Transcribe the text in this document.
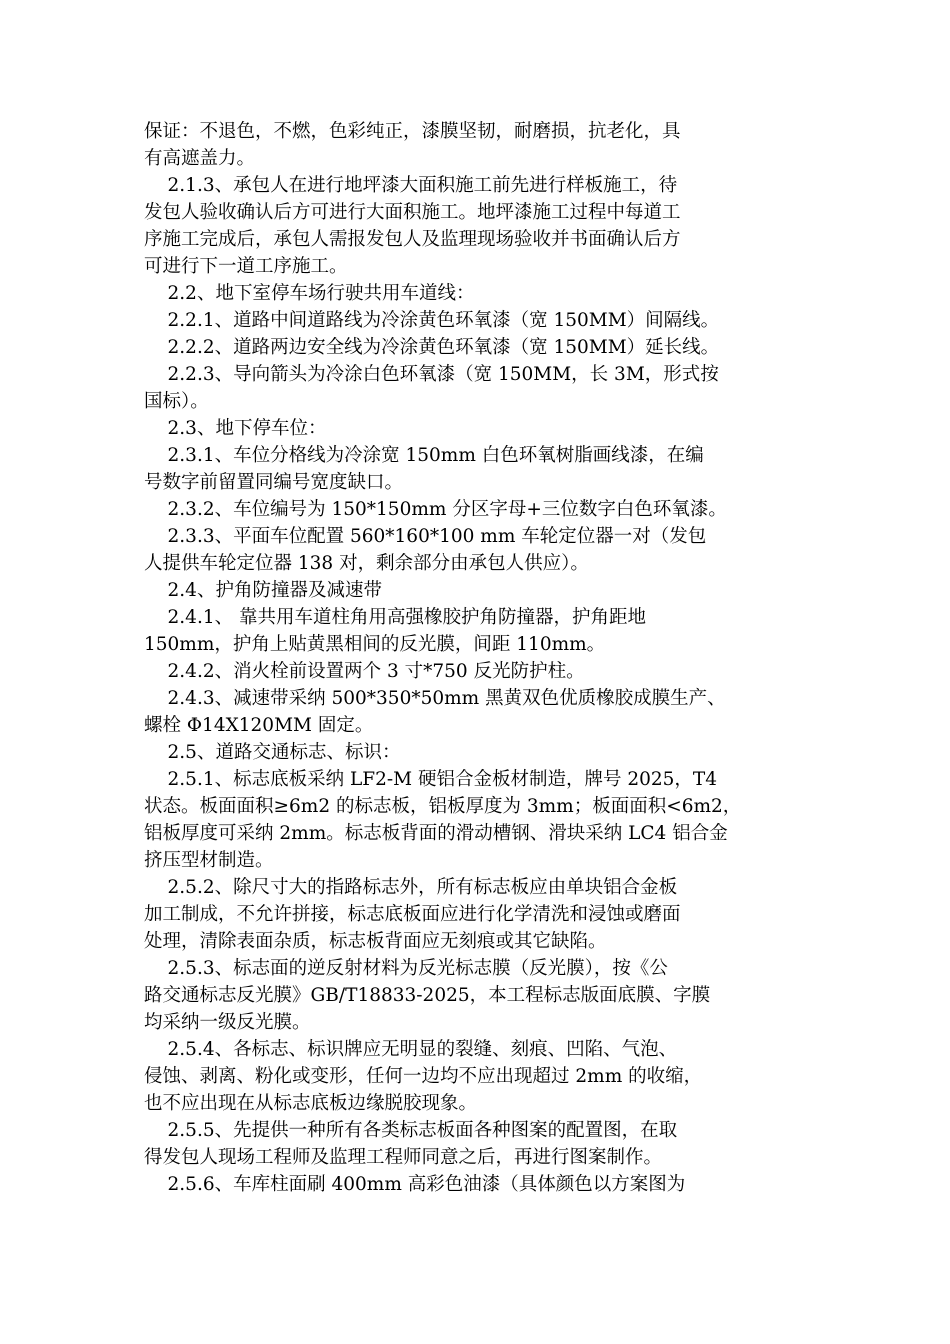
保证：不退色，不燃，色彩纯正，漆膜坚韧，耐磨损，抗老化，具
有高遮盖力。
2.1.3、承包人在进行地坪漆大面积施工前先进行样板施工，待
发包人验收确认后方可进行大面积施工。地坪漆施工过程中每道工
序施工完成后，承包人需报发包人及监理现场验收并书面确认后方
可进行下一道工序施工。
2.2、地下室停车场行驶共用车道线：
2.2.1、道路中间道路线为冷涂黄色环氧漆（宽 150MM）间隔线。
2.2.2、道路两边安全线为冷涂黄色环氧漆（宽 150MM）延长线。
2.2.3、导向箭头为冷涂白色环氧漆（宽 150MM，长 3M，形式按
国标）。
2.3、地下停车位：
2.3.1、车位分格线为冷涂宽 150mm 白色环氧树脂画线漆，在编
号数字前留置同编号宽度缺口。
2.3.2、车位编号为 150*150mm 分区字母+三位数字白色环氧漆。
2.3.3、平面车位配置 560*160*100 mm 车轮定位器一对（发包
人提供车轮定位器 138 对，剩余部分由承包人供应）。
2.4、护角防撞器及减速带
2.4.1、 靠共用车道柱角用高强橡胶护角防撞器，护角距地
150mm，护角上贴黄黑相间的反光膜，间距 110mm。
2.4.2、消火栓前设置两个 3 寸*750 反光防护柱。
2.4.3、减速带采纳 500*350*50mm 黑黄双色优质橡胶成膜生产、
螺栓 Φ14X120MM 固定。
2.5、道路交通标志、标识：
2.5.1、标志底板采纳 LF2-M 硬铝合金板材制造，牌号 2025，T4
状态。板面面积≥6m2 的标志板，铝板厚度为 3mm；板面面积<6m2，
铝板厚度可采纳 2mm。标志板背面的滑动槽钢、滑块采纳 LC4 铝合金
挤压型材制造。
2.5.2、除尺寸大的指路标志外，所有标志板应由单块铝合金板
加工制成，不允许拼接，标志底板面应进行化学清洗和浸蚀或磨面
处理，清除表面杂质，标志板背面应无刻痕或其它缺陷。
2.5.3、标志面的逆反射材料为反光标志膜（反光膜），按《公
路交通标志反光膜》GB/T18833-2025，本工程标志版面底膜、字膜
均采纳一级反光膜。
2.5.4、各标志、标识牌应无明显的裂缝、刻痕、凹陷、气泡、
侵蚀、剥离、粉化或变形，任何一边均不应出现超过 2mm 的收缩，
也不应出现在从标志底板边缘脱胶现象。
2.5.5、先提供一种所有各类标志板面各种图案的配置图，在取
得发包人现场工程师及监理工程师同意之后，再进行图案制作。
2.5.6、车库柱面刷 400mm 高彩色油漆（具体颜色以方案图为
